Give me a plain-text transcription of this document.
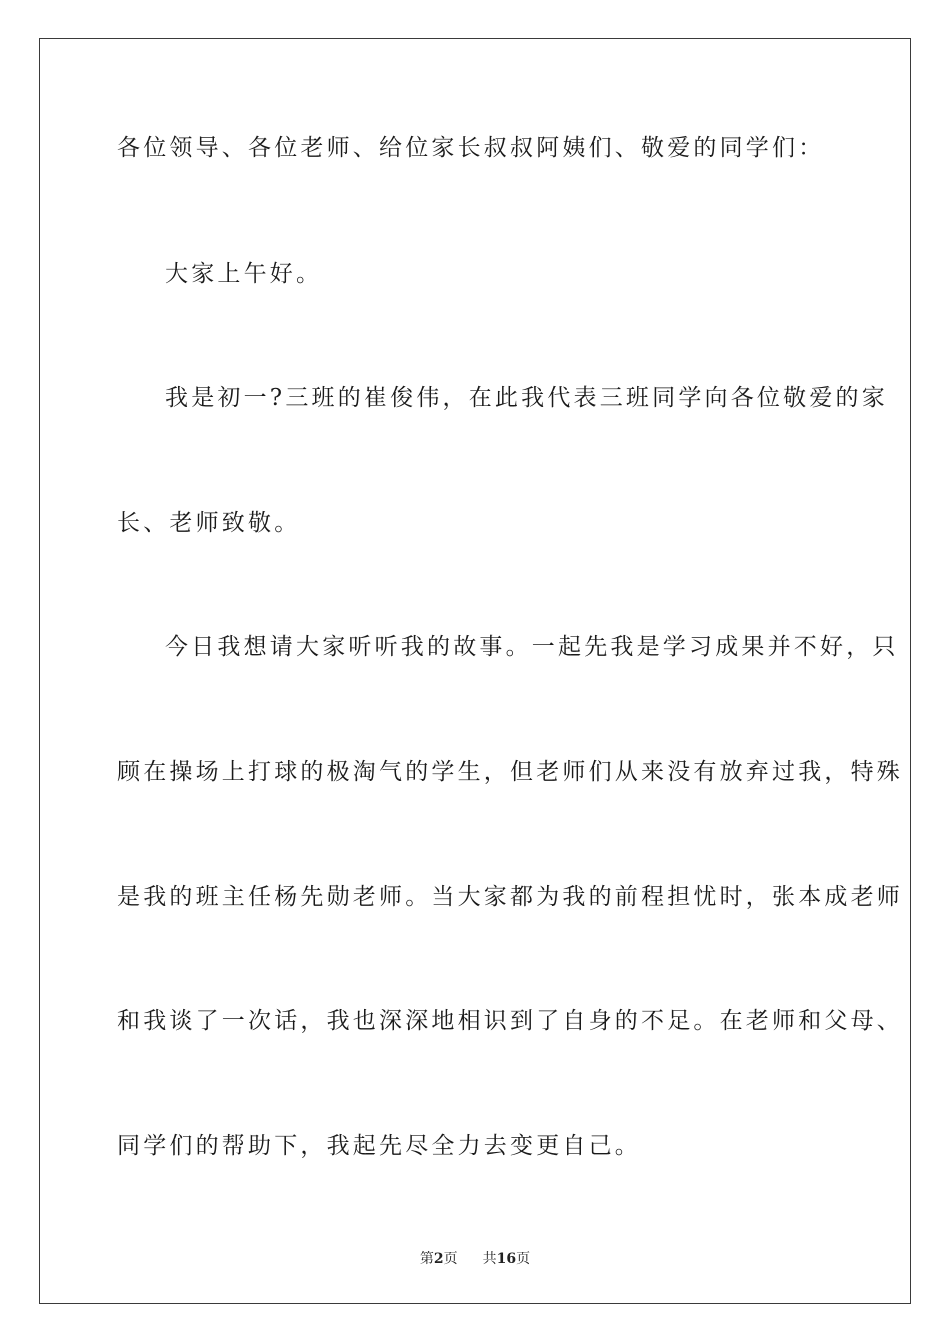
各位领导、各位老师、给位家长叔叔阿姨们、敬爱的同学们：
大家上午好。
我是初一?三班的崔俊伟，在此我代表三班同学向各位敬爱的家
长、老师致敬。
今日我想请大家听听我的故事。一起先我是学习成果并不好，只
顾在操场上打球的极淘气的学生，但老师们从来没有放弃过我，特殊
是我的班主任杨先勋老师。当大家都为我的前程担忧时，张本成老师
和我谈了一次话，我也深深地相识到了自身的不足。在老师和父母、
同学们的帮助下，我起先尽全力去变更自己。
第2页 共16页
